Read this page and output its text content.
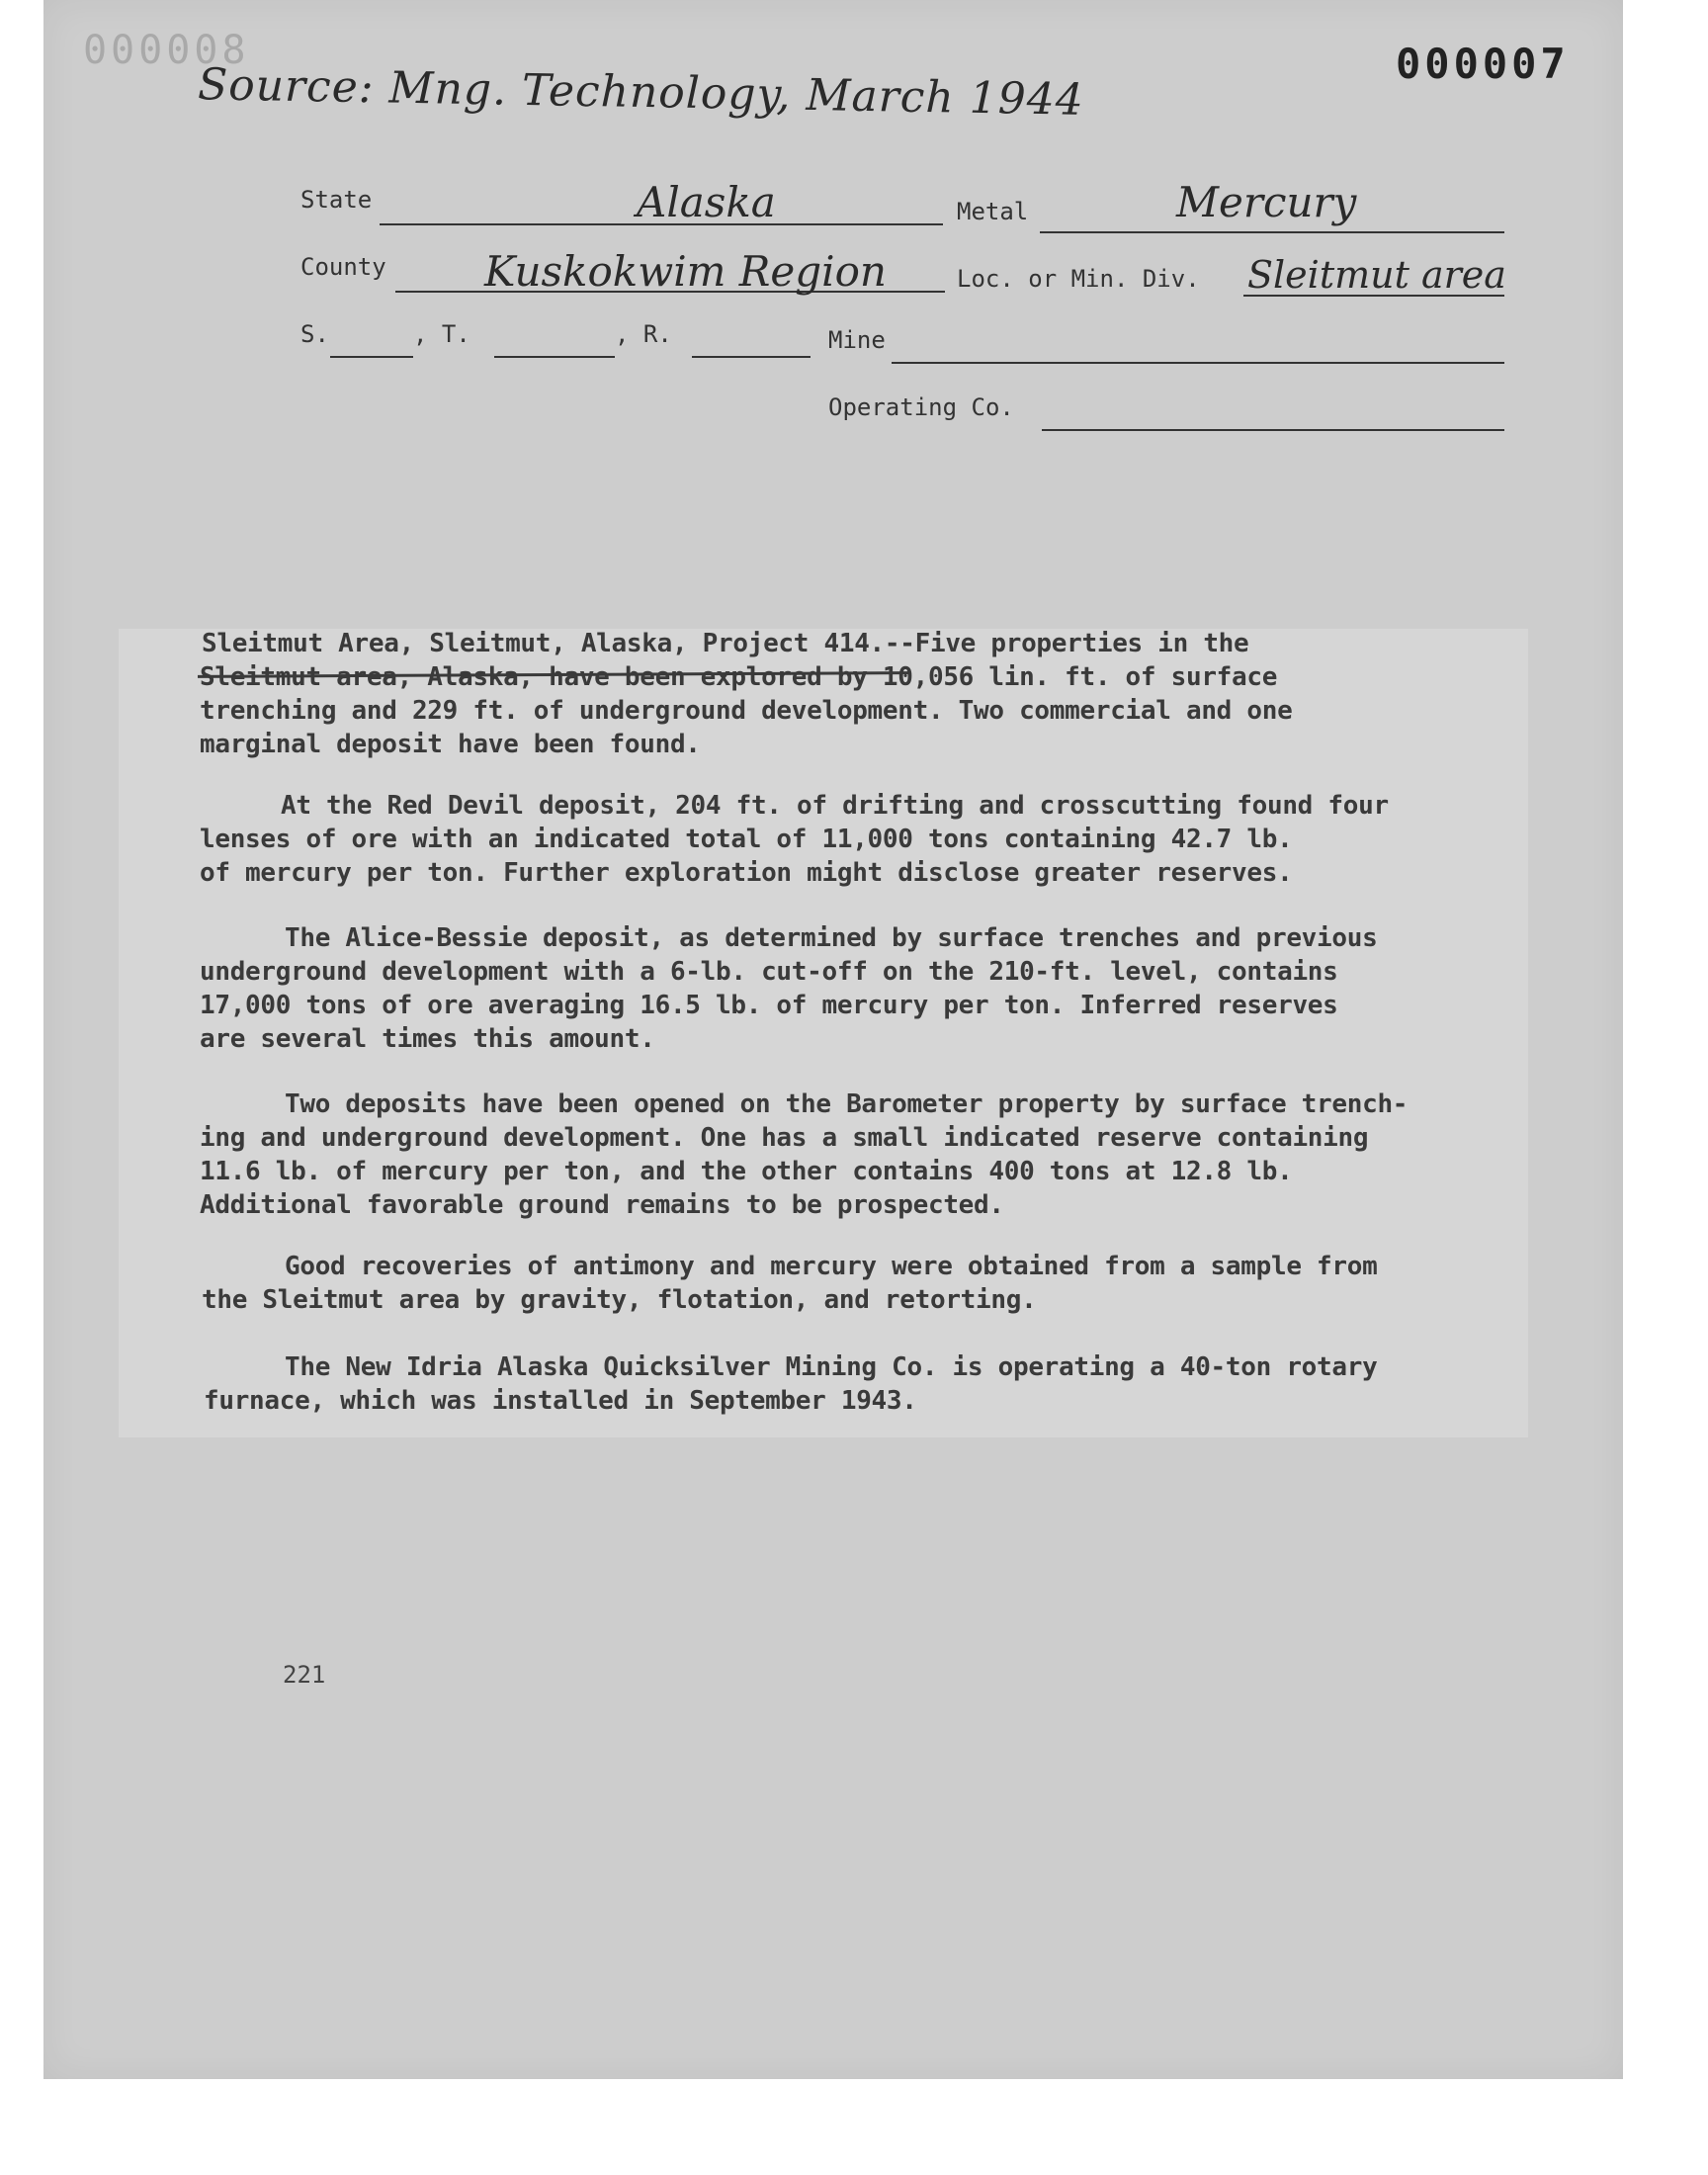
800000	000007
Source: Mng. Technology, March 1944
State	Alaska	Metal	Mercury
County Kuskokwim Region	Loc. or Min. Div. Sleitmut area
S.	, T.	, R.	Mine
Operating Co.
Sleitmut Area, Sleitmut, Alaska, Project 414.--Five properties in the
Sleitmut area, Alaska, have been explored by 10,056 lin. ft. of surface
trenching and 229 ft. of underground development. Two commercial and one
marginal deposit have been found.
At the Red Devil deposit, 204 ft. of drifting and crosscutting found four
lenses of ore with an indicated total of 11,000 tons containing 42.7 lb.
of mercury per ton. Further exploration might disclose greater reserves.
The Alice-Bessie deposit, as determined by surface trenches and previous
underground development with a 6-lb. cut-off on the 210-ft. level, contains
17,000 tons of ore averaging 16.5 lb. of mercury per ton. Inferred reserves
are several times this amount.
Two deposits have been opened on the Barometer property by surface trench-
ing and underground development. One has a small indicated reserve containing
11.6 lb. of mercury per ton, and the other contains 400 tons at 12.8 lb.
Additional favorable ground remains to be prospected.
Good recoveries of antimony and mercury were obtained from a sample from
the Sleitmut area by gravity, flotation, and retorting.
The New Idria Alaska Quicksilver Mining Co. is operating a 40-ton rotary
furnace, which was installed in September 1943.
221
